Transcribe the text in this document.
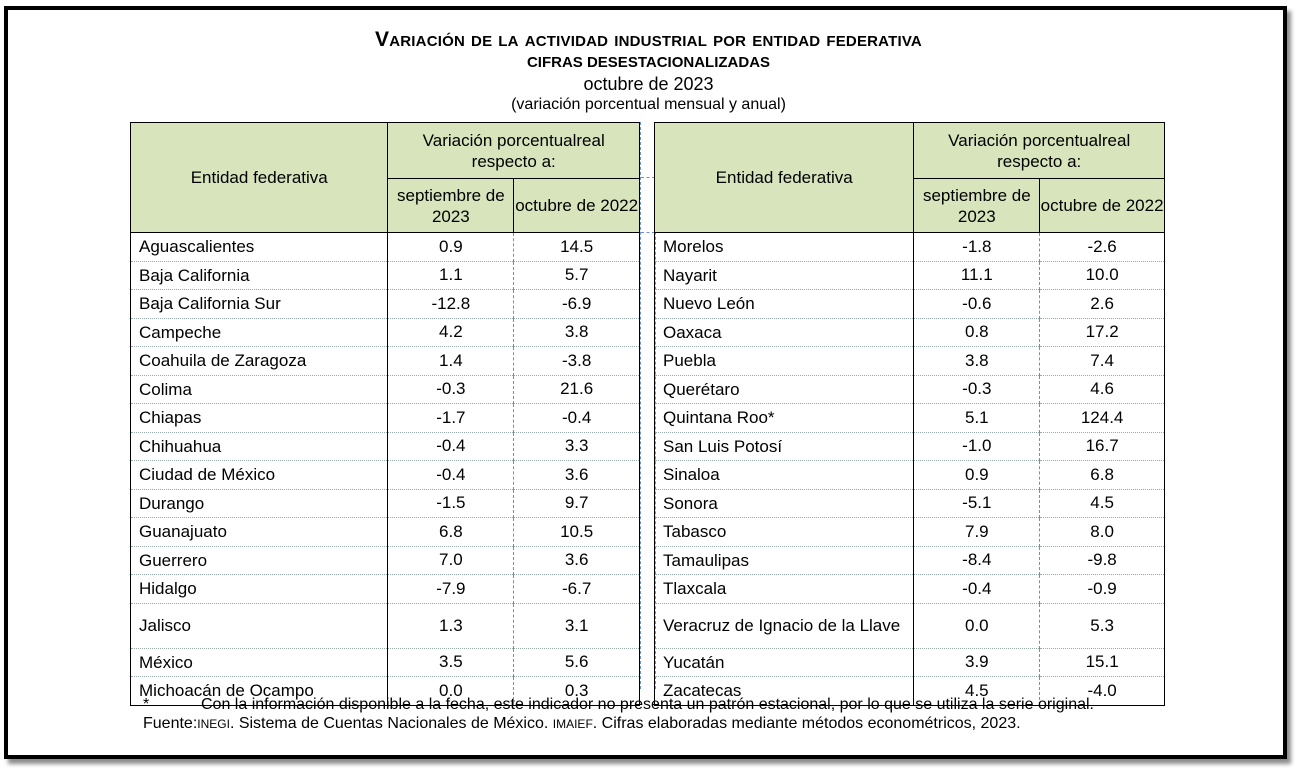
Variación de la actividad industrial por entidad federativa
CIFRAS DESESTACIONALIZADAS
octubre de 2023
(variación porcentual mensual y anual)
Entidad federativa	Variación porcentualreal respecto a:	
	septiembre de 2023	octubre de 2022
Aguascalientes	0.9	14.5
Baja California	1.1	5.7
Baja California Sur	-12.8	-6.9
Campeche	4.2	3.8
Coahuila de Zaragoza	1.4	-3.8
Colima	-0.3	21.6
Chiapas	-1.7	-0.4
Chihuahua	-0.4	3.3
Ciudad de México	-0.4	3.6
Durango	-1.5	9.7
Guanajuato	6.8	10.5
Guerrero	7.0	3.6
Hidalgo	-7.9	-6.7
Jalisco	1.3	3.1
México	3.5	5.6
Michoacán de Ocampo	0.0	0.3
Entidad federativa	Variación porcentualreal respecto a:	
	septiembre de 2023	octubre de 2022
Morelos	-1.8	-2.6
Nayarit	11.1	10.0
Nuevo León	-0.6	2.6
Oaxaca	0.8	17.2
Puebla	3.8	7.4
Querétaro	-0.3	4.6
Quintana Roo*	5.1	124.4
San Luis Potosí	-1.0	16.7
Sinaloa	0.9	6.8
Sonora	-5.1	4.5
Tabasco	7.9	8.0
Tamaulipas	-8.4	-9.8
Tlaxcala	-0.4	-0.9
Veracruz de Ignacio de la Llave	0.0	5.3
Yucatán	3.9	15.1
Zacatecas	4.5	-4.0
*	Con la información disponible a la fecha, este indicador no presenta un patrón estacional, por lo que se utiliza la serie original.
Fuente:INEGI. Sistema de Cuentas Nacionales de México. IMAIEF. Cifras elaboradas mediante métodos econométricos, 2023.
